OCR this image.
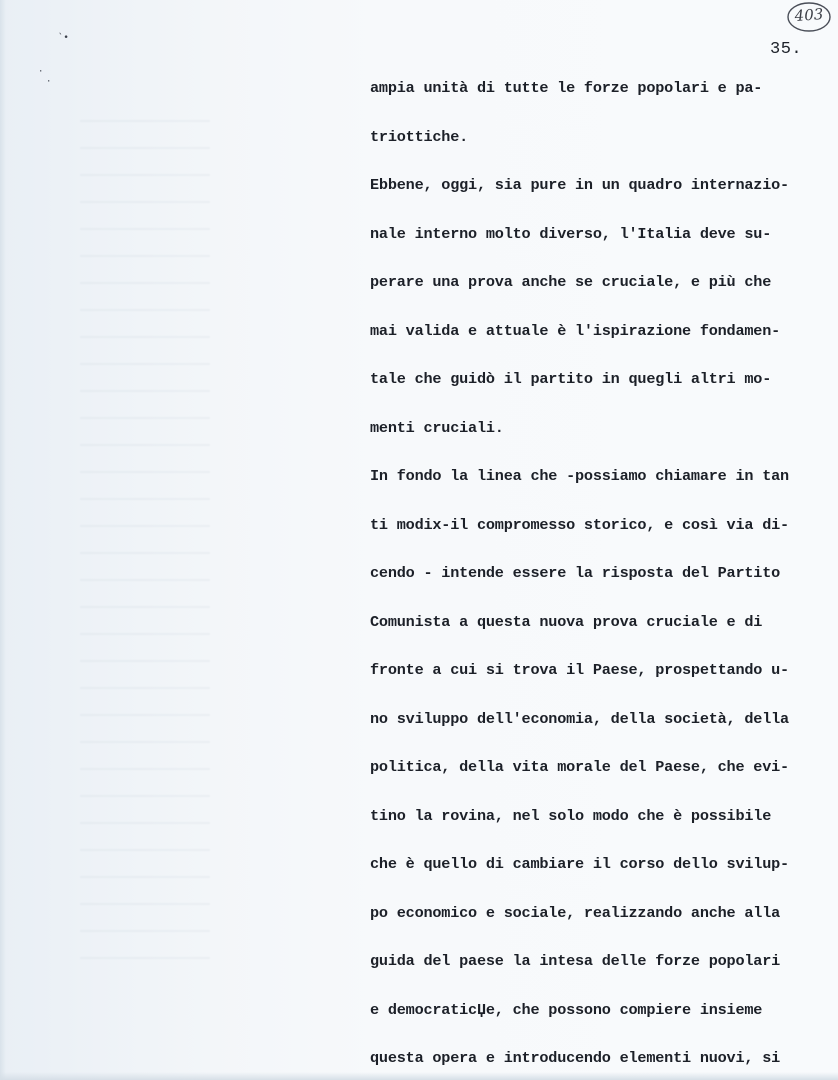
`•
·
·
403
35.
ampia unità di tutte le forze popolari e pa-
triottiche.
Ebbene, oggi, sia pure in un quadro internazio-
nale interno molto diverso, l'Italia deve su-
perare una prova anche se cruciale, e più che
mai valida e attuale è l'ispirazione fondamen-
tale che guidò il partito in quegli altri mo-
menti cruciali.
In fondo la linea che -possiamo chiamare in tan
ti modix-il compromesso storico, e così via di-
cendo - intende essere la risposta del Partito
Comunista a questa nuova prova cruciale e di
fronte a cui si trova il Paese, prospettando u-
no sviluppo dell'economia, della società, della
politica, della vita morale del Paese, che evi-
tino la rovina, nel solo modo che è possibile
che è quello di cambiare il corso dello svilup-
po economico e sociale, realizzando anche alla
guida del paese la intesa delle forze popolari
e democraticЏe, che possono compiere insieme
questa opera e introducendo elementi nuovi, si
